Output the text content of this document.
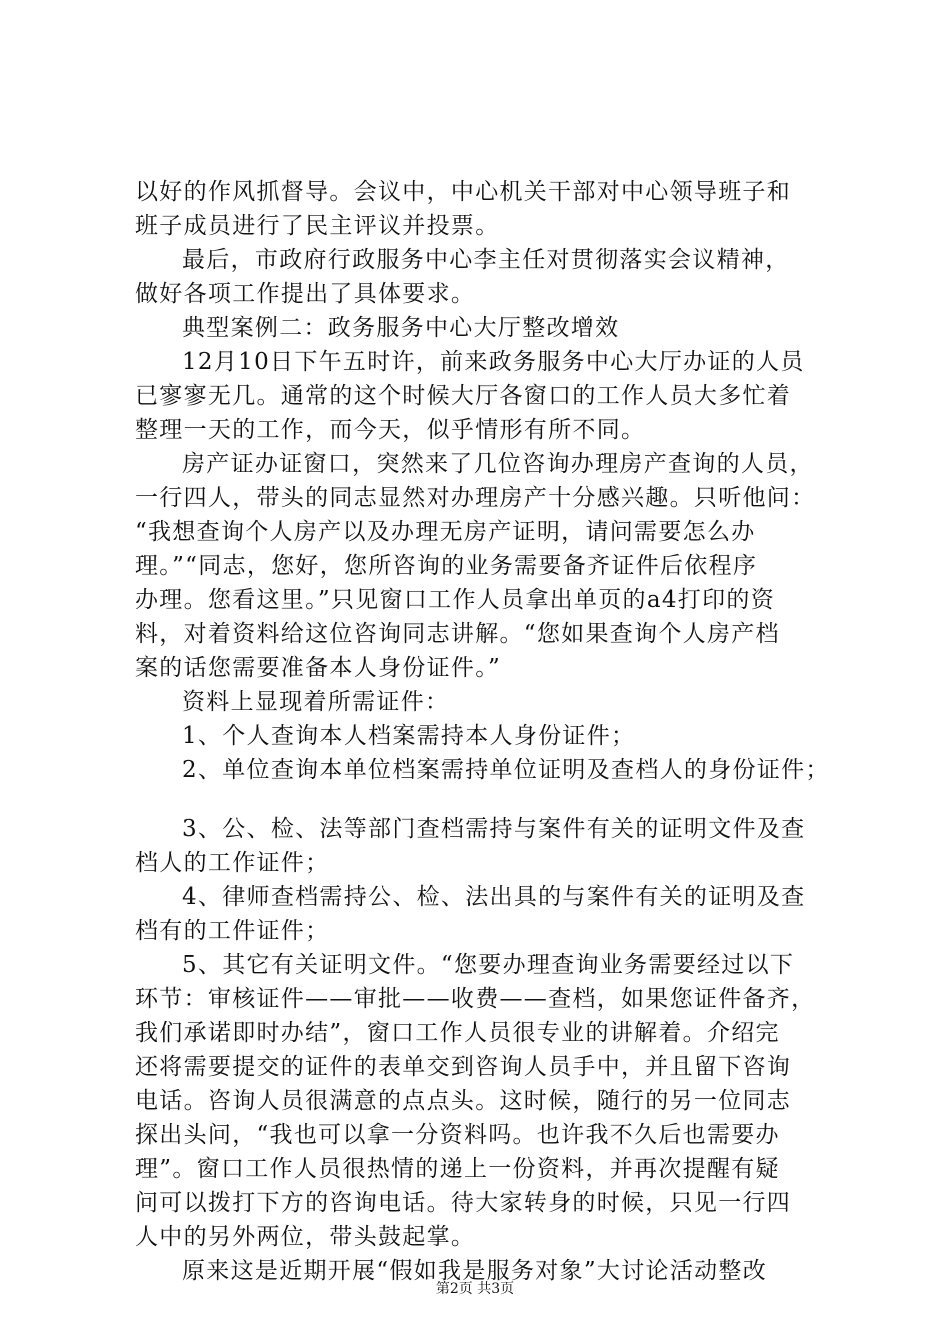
以好的作风抓督导。会议中，中心机关干部对中心领导班子和
班子成员进行了民主评议并投票。
最后，市政府行政服务中心李主任对贯彻落实会议精神，
做好各项工作提出了具体要求。
典型案例二：政务服务中心大厅整改增效
12月10日下午五时许，前来政务服务中心大厅办证的人员
已寥寥无几。通常的这个时候大厅各窗口的工作人员大多忙着
整理一天的工作，而今天，似乎情形有所不同。
房产证办证窗口，突然来了几位咨询办理房产查询的人员，
一行四人，带头的同志显然对办理房产十分感兴趣。只听他问：
“我想查询个人房产以及办理无房产证明，请问需要怎么办
理。”“同志，您好，您所咨询的业务需要备齐证件后依程序
办理。您看这里。”只见窗口工作人员拿出单页的a4打印的资
料，对着资料给这位咨询同志讲解。“您如果查询个人房产档
案的话您需要准备本人身份证件。”
资料上显现着所需证件：
1、个人查询本人档案需持本人身份证件；
2、单位查询本单位档案需持单位证明及查档人的身份证件；
3、公、检、法等部门查档需持与案件有关的证明文件及查
档人的工作证件；
4、律师查档需持公、检、法出具的与案件有关的证明及查
档有的工件证件；
5、其它有关证明文件。“您要办理查询业务需要经过以下
环节：审核证件——审批——收费——查档，如果您证件备齐，
我们承诺即时办结”，窗口工作人员很专业的讲解着。介绍完
还将需要提交的证件的表单交到咨询人员手中，并且留下咨询
电话。咨询人员很满意的点点头。这时候，随行的另一位同志
探出头问，“我也可以拿一分资料吗。也许我不久后也需要办
理”。窗口工作人员很热情的递上一份资料，并再次提醒有疑
问可以拨打下方的咨询电话。待大家转身的时候，只见一行四
人中的另外两位，带头鼓起掌。
原来这是近期开展“假如我是服务对象”大讨论活动整改
第2页 共3页
